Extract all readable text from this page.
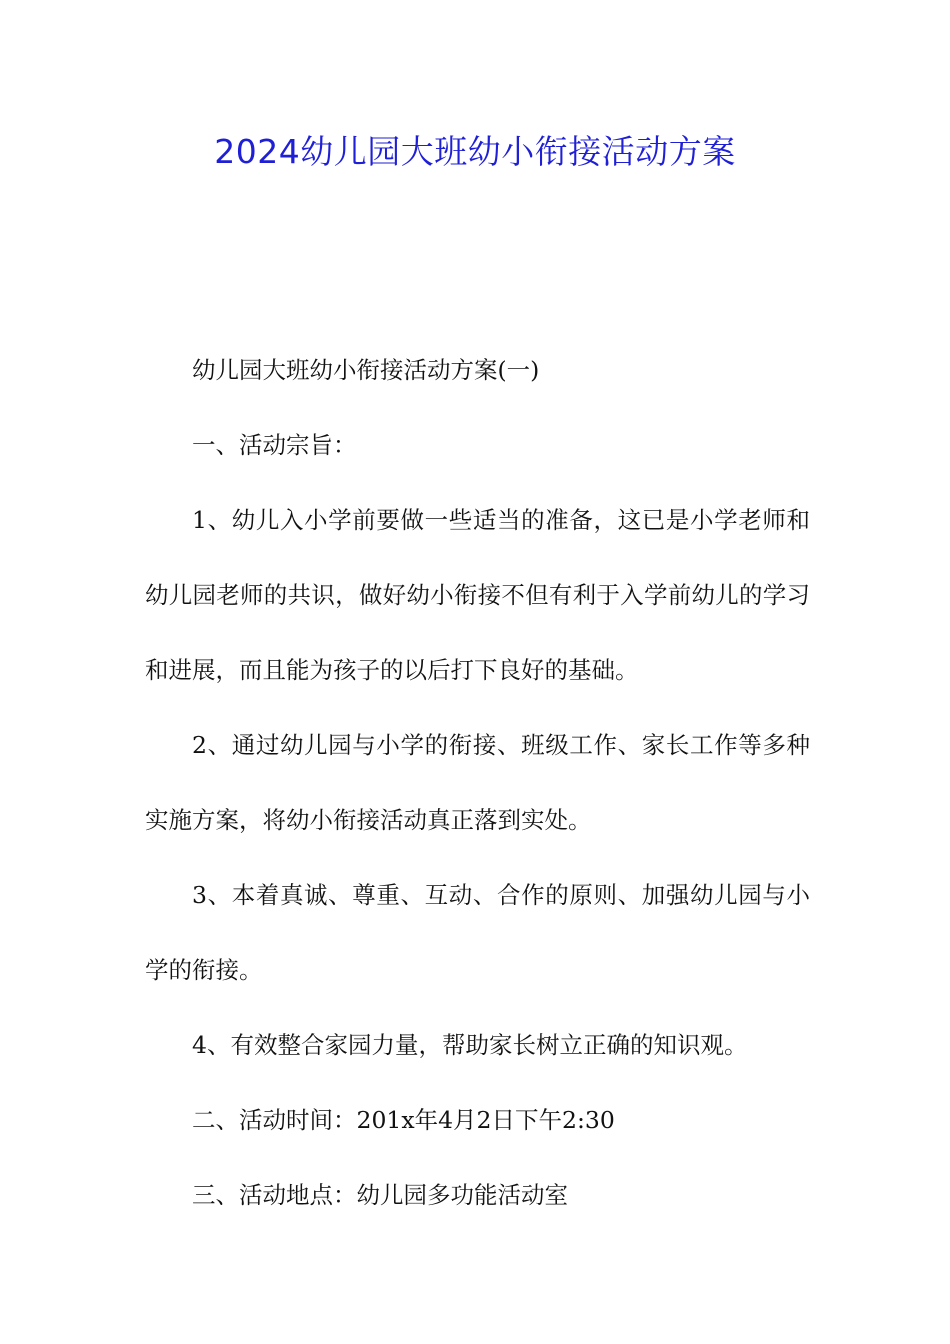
2024幼儿园大班幼小衔接活动方案

幼儿园大班幼小衔接活动方案(一)

一、活动宗旨：

1、幼儿入小学前要做一些适当的准备，这已是小学老师和幼儿园老师的共识，做好幼小衔接不但有利于入学前幼儿的学习和进展，而且能为孩子的以后打下良好的基础。

2、通过幼儿园与小学的衔接、班级工作、家长工作等多种实施方案，将幼小衔接活动真正落到实处。

3、本着真诚、尊重、互动、合作的原则、加强幼儿园与小学的衔接。

4、有效整合家园力量，帮助家长树立正确的知识观。

二、活动时间：201x年4月2日下午2:30

三、活动地点：幼儿园多功能活动室
